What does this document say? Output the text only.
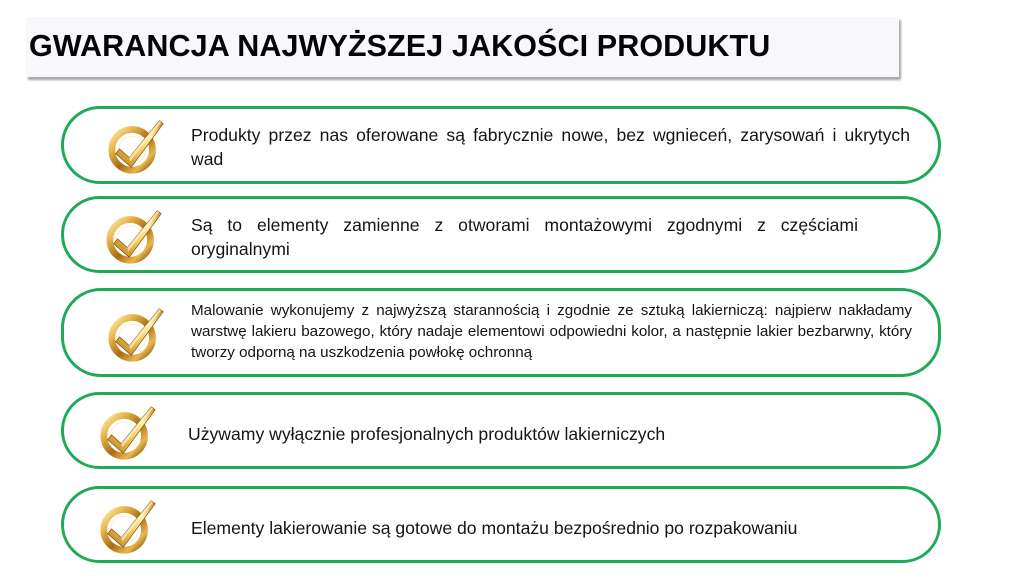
GWARANCJA NAJWYŻSZEJ JAKOŚCI PRODUKTU
Produkty przez nas oferowane są fabrycznie nowe, bez wgnieceń, zarysowań i ukrytych wad
Są to elementy zamienne z otworami montażowymi zgodnymi z częściami oryginalnymi
Malowanie wykonujemy z najwyższą starannością i zgodnie ze sztuką lakierniczą: najpierw nakładamy warstwę lakieru bazowego, który nadaje elementowi odpowiedni kolor, a następnie lakier bezbarwny, który tworzy odporną na uszkodzenia powłokę ochronną
Używamy wyłącznie profesjonalnych produktów lakierniczych
Elementy lakierowanie są gotowe do montażu bezpośrednio po rozpakowaniu
